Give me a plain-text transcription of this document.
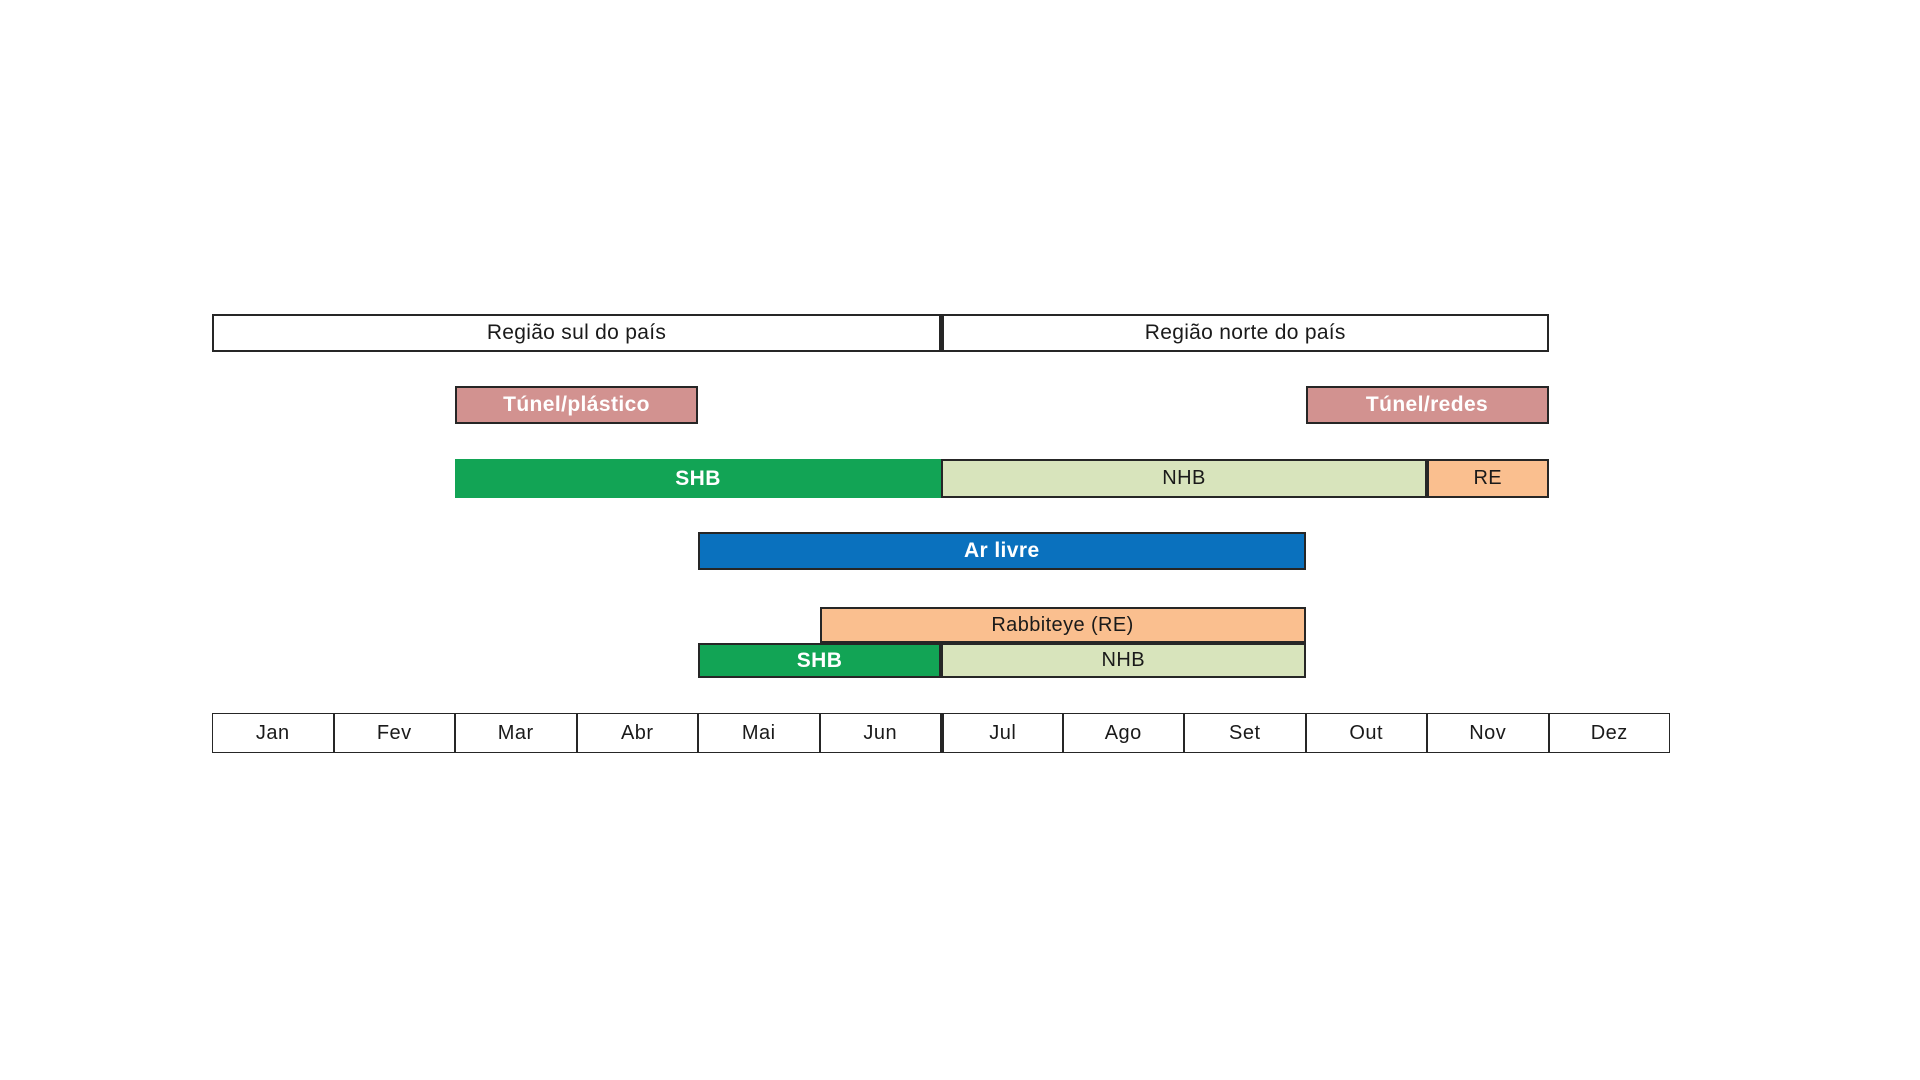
Região sul do país	Região norte do país
Túnel/plástico	Túnel/redes
SHB	NHB	RE
Ar livre
Rabbiteye (RE)
SHB	NHB
Jan	Fev	Mar	Abr	Mai	Jun	Jul	Ago	Set	Out	Nov	Dez
